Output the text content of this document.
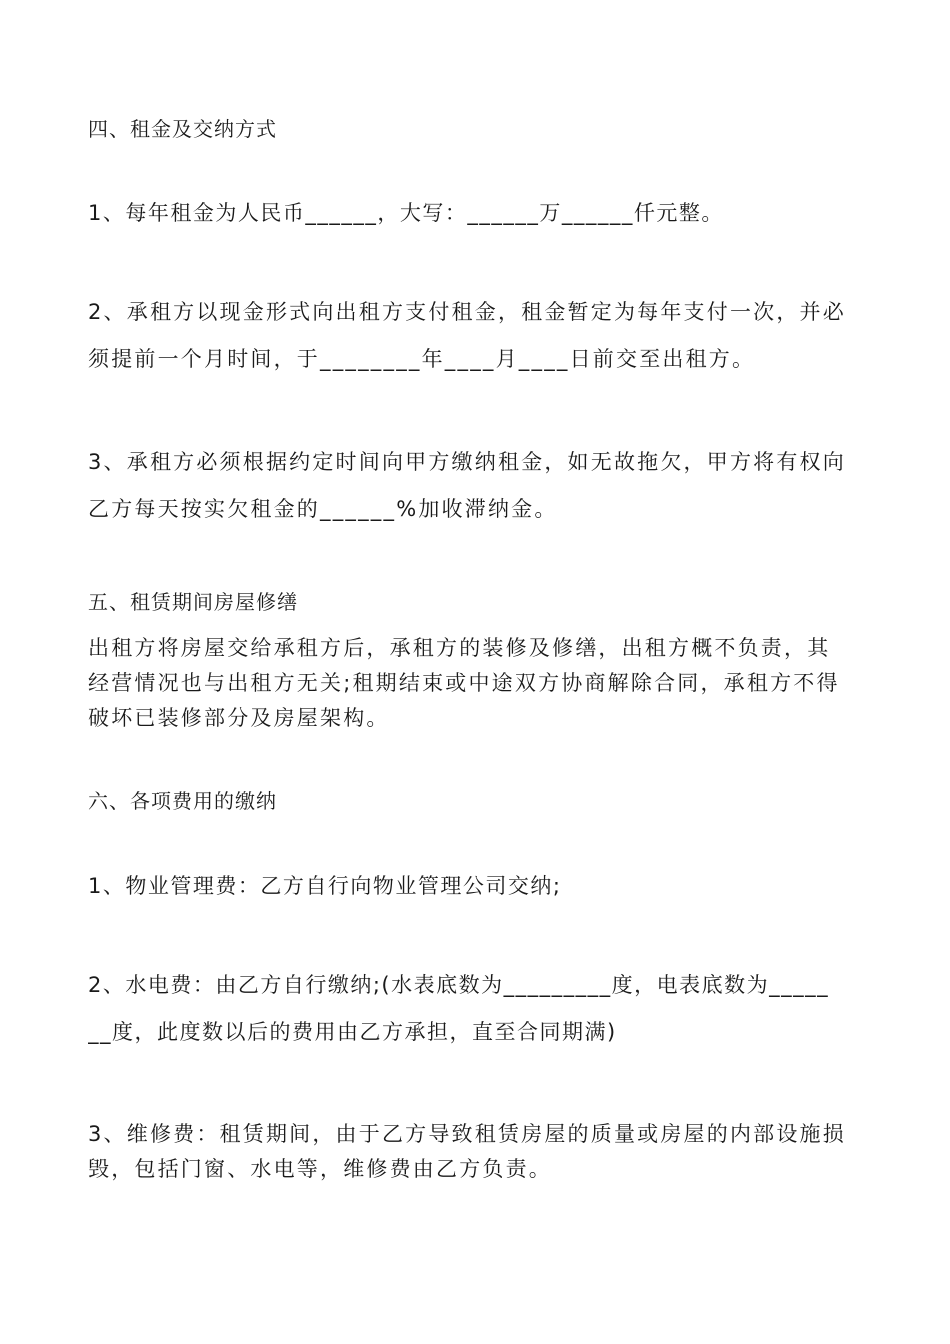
四、租金及交纳方式

1、每年租金为人民币______，大写：______万______仟元整。

2、承租方以现金形式向出租方支付租金，租金暂定为每年支付一次，并必
须提前一个月时间，于________年____月____日前交至出租方。
3、承租方必须根据约定时间向甲方缴纳租金，如无故拖欠，甲方将有权向
乙方每天按实欠租金的______%加收滞纳金。

五、租赁期间房屋修缮

出租方将房屋交给承租方后，承租方的装修及修缮，出租方概不负责，其
经营情况也与出租方无关;租期结束或中途双方协商解除合同，承租方不得
破坏已装修部分及房屋架构。

六、各项费用的缴纳

1、物业管理费：乙方自行向物业管理公司交纳;

2、水电费：由乙方自行缴纳;(水表底数为_________度，电表底数为_____
__度，此度数以后的费用由乙方承担，直至合同期满)
3、维修费：租赁期间，由于乙方导致租赁房屋的质量或房屋的内部设施损
毁，包括门窗、水电等，维修费由乙方负责。
